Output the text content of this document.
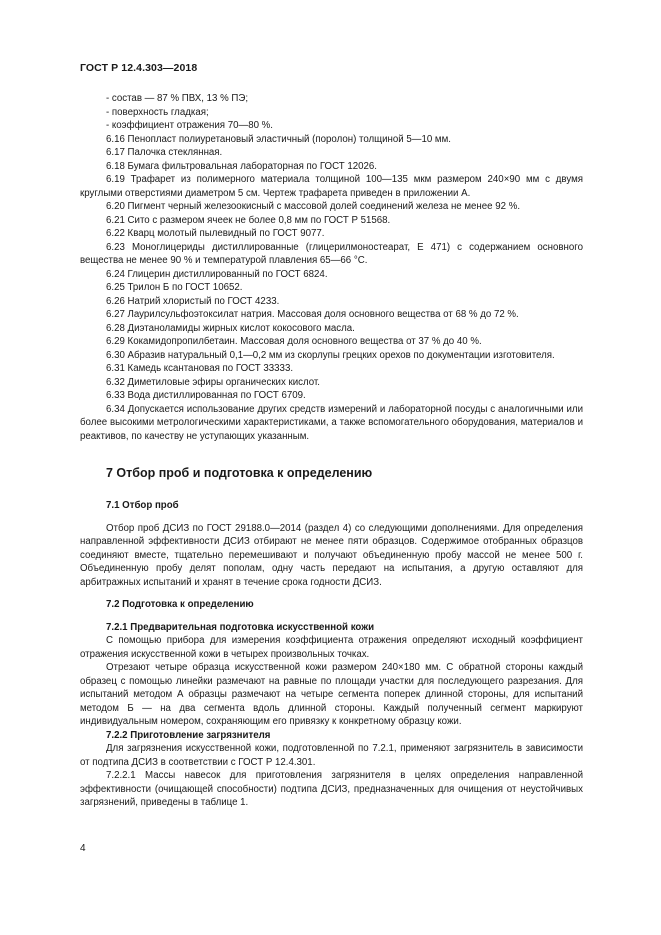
ГОСТ Р 12.4.303—2018

- состав — 87 % ПВХ, 13 % ПЭ;

- поверхность гладкая;

- коэффициент отражения 70—80 %.

6.16 Пенопласт полиуретановый эластичный (поролон) толщиной 5—10 мм.

6.17 Палочка стеклянная.

6.18 Бумага фильтровальная лабораторная по ГОСТ 12026.

6.19 Трафарет из полимерного материала толщиной 100—135 мкм размером 240×90 мм с двумя круглыми отверстиями диаметром 5 см. Чертеж трафарета приведен в приложении А.

6.20 Пигмент черный железоокисный с массовой долей соединений железа не менее 92 %.

6.21 Сито с размером ячеек не более 0,8 мм по ГОСТ Р 51568.

6.22 Кварц молотый пылевидный по ГОСТ 9077.

6.23 Моноглицериды дистиллированные (глицерилмоностеарат, Е 471) с содержанием основного вещества не менее 90 % и температурой плавления 65—66 °С.

6.24 Глицерин дистиллированный по ГОСТ 6824.

6.25 Трилон Б по ГОСТ 10652.

6.26 Натрий хлористый по ГОСТ 4233.

6.27 Лаурилсульфоэтоксилат натрия. Массовая доля основного вещества от 68 % до 72 %.

6.28 Диэтаноламиды жирных кислот кокосового масла.

6.29 Кокамидопропилбетаин. Массовая доля основного вещества от 37 % до 40 %.

6.30 Абразив натуральный 0,1—0,2 мм из скорлупы грецких орехов по документации изготовителя.

6.31 Камедь ксантановая по ГОСТ 33333.

6.32 Диметиловые эфиры органических кислот.

6.33 Вода дистиллированная по ГОСТ 6709.

6.34 Допускается использование других средств измерений и лабораторной посуды с аналогичными или более высокими метрологическими характеристиками, а также вспомогательного оборудования, материалов и реактивов, по качеству не уступающих указанным.

7 Отбор проб и подготовка к определению

7.1 Отбор проб

Отбор проб ДСИЗ по ГОСТ 29188.0—2014 (раздел 4) со следующими дополнениями. Для определения направленной эффективности ДСИЗ отбирают не менее пяти образцов. Содержимое отобранных образцов соединяют вместе, тщательно перемешивают и получают объединенную пробу массой не менее 500 г. Объединенную пробу делят пополам, одну часть передают на испытания, а другую оставляют для арбитражных испытаний и хранят в течение срока годности ДСИЗ.

7.2 Подготовка к определению

7.2.1 Предварительная подготовка искусственной кожи

С помощью прибора для измерения коэффициента отражения определяют исходный коэффициент отражения искусственной кожи в четырех произвольных точках.

Отрезают четыре образца искусственной кожи размером 240×180 мм. С обратной стороны каждый образец с помощью линейки размечают на равные по площади участки для последующего разрезания. Для испытаний методом А образцы размечают на четыре сегмента поперек длинной стороны, для испытаний методом Б — на два сегмента вдоль длинной стороны. Каждый полученный сегмент маркируют индивидуальным номером, сохраняющим его привязку к конкретному образцу кожи.

7.2.2 Приготовление загрязнителя

Для загрязнения искусственной кожи, подготовленной по 7.2.1, применяют загрязнитель в зависимости от подтипа ДСИЗ в соответствии с ГОСТ Р 12.4.301.

7.2.2.1 Массы навесок для приготовления загрязнителя в целях определения направленной эффективности (очищающей способности) подтипа ДСИЗ, предназначенных для очищения от неустойчивых загрязнений, приведены в таблице 1.

4
